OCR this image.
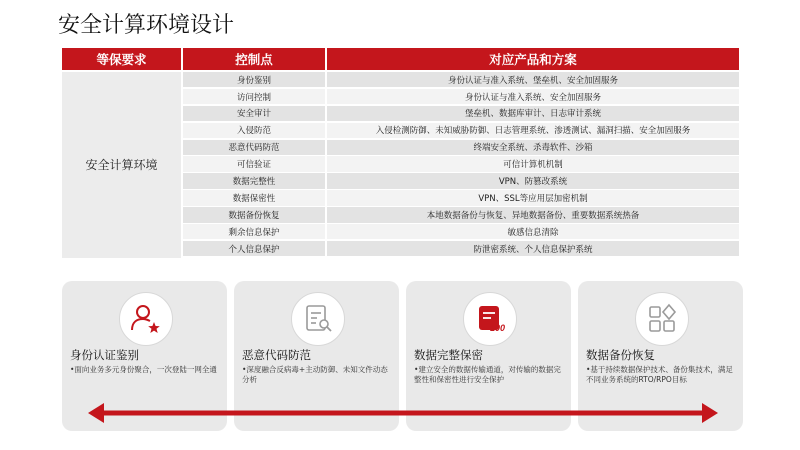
安全计算环境设计
等保要求	控制点	对应产品和方案
安全计算环境
身份鉴别	身份认证与准入系统、堡垒机、安全加固服务
访问控制	身份认证与准入系统、安全加固服务
安全审计	堡垒机、数据库审计、日志审计系统
入侵防范	入侵检测防御、未知威胁防御、日志管理系统、渗透测试、漏洞扫描、安全加固服务
恶意代码防范	终端安全系统、杀毒软件、沙箱
可信验证	可信计算机机制
数据完整性	VPN、防篡改系统
数据保密性	VPN、SSL等应用层加密机制
数据备份恢复	本地数据备份与恢复、异地数据备份、重要数据系统热备
剩余信息保护	敏感信息清除
个人信息保护	防泄密系统、个人信息保护系统
身份认证鉴别
•面向业务多元身份聚合，一次登陆一网全通
恶意代码防范
•深度融合反病毒+主动防御、未知文件动态分析
100
数据完整保密
•建立安全的数据传输通道，对传输的数据完整性和保密性进行安全保护
数据备份恢复
•基于持续数据保护技术、备份集技术，满足不同业务系统的RTO/RPO目标
